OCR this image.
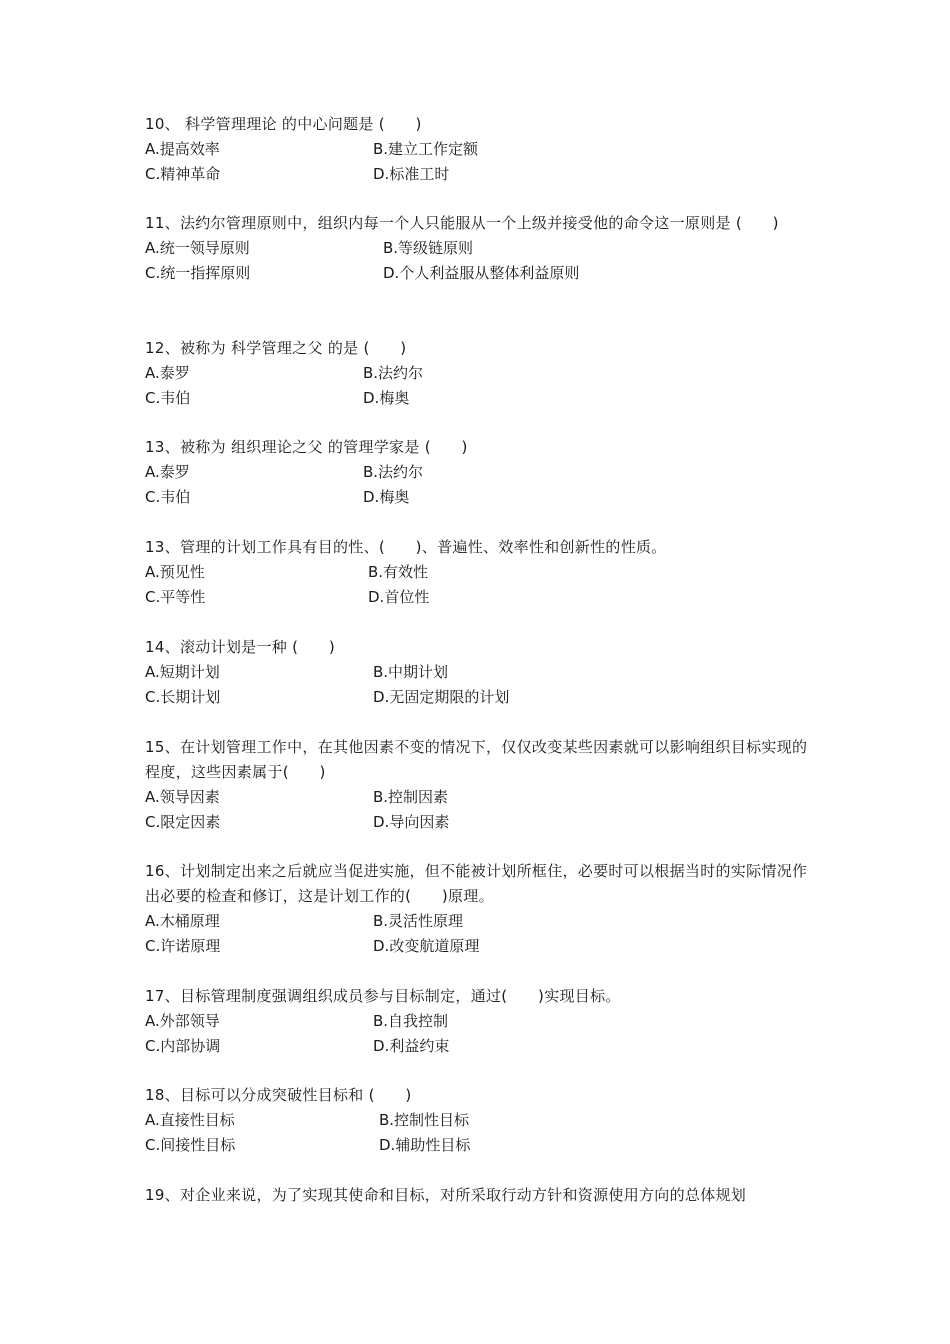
10、 科学管理理论 的中心问题是 (　　)

A.提高效率	B.建立工作定额
C.精神革命	D.标准工时

11、法约尔管理原则中，组织内每一个人只能服从一个上级并接受他的命令这一原则是 (　　)

A.统一领导原则	B.等级链原则
C.统一指挥原则	D.个人利益服从整体利益原则

12、被称为 科学管理之父 的是 (　　)

A.泰罗	B.法约尔
C.韦伯	D.梅奥

13、被称为 组织理论之父 的管理学家是 (　　)

A.泰罗	B.法约尔
C.韦伯	D.梅奥

13、管理的计划工作具有目的性、(　　)、普遍性、效率性和创新性的性质。

A.预见性	B.有效性
C.平等性	D.首位性

14、滚动计划是一种 (　　)

A.短期计划	B.中期计划
C.长期计划	D.无固定期限的计划

15、在计划管理工作中，在其他因素不变的情况下，仅仅改变某些因素就可以影响组织目标实现的程度，这些因素属于(　　)

A.领导因素	B.控制因素
C.限定因素	D.导向因素

16、计划制定出来之后就应当促进实施，但不能被计划所框住，必要时可以根据当时的实际情况作出必要的检查和修订，这是计划工作的(　　)原理。

A.木桶原理	B.灵活性原理
C.许诺原理	D.改变航道原理

17、目标管理制度强调组织成员参与目标制定，通过(　　)实现目标。

A.外部领导	B.自我控制
C.内部协调	D.利益约束

18、目标可以分成突破性目标和 (　　)

A.直接性目标	B.控制性目标
C.间接性目标	D.辅助性目标

19、对企业来说，为了实现其使命和目标，对所采取行动方针和资源使用方向的总体规划
